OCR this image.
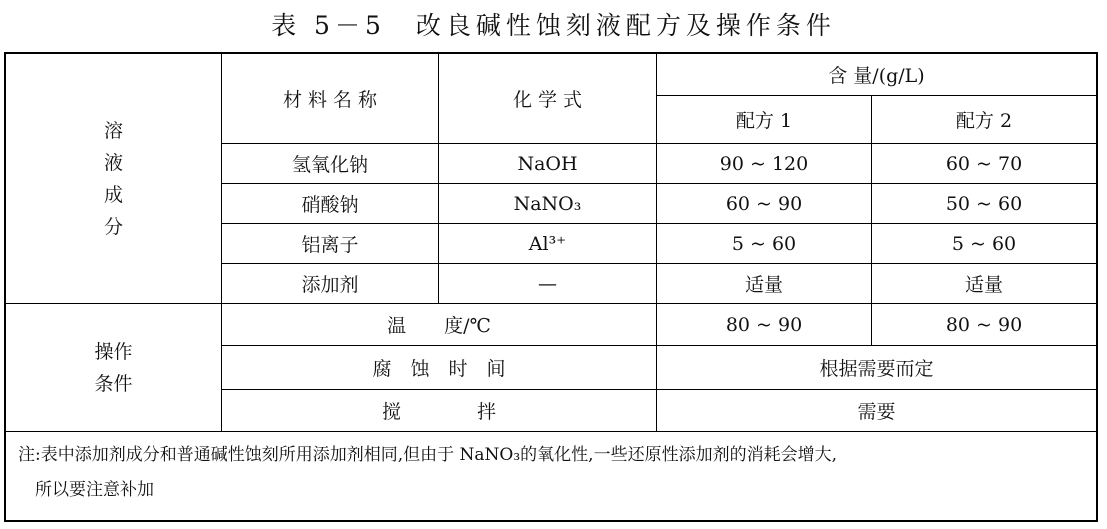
表 5－5　改良碱性蚀刻液配方及操作条件
溶
液
成
分
材 料 名 称	化 学 式
含 量/(g/L)
配方 1	配方 2
氢氧化钠	NaOH	90 ~ 120	60 ~ 70
硝酸钠	NaNO₃	60 ~ 90	50 ~ 60
铝离子	Al³⁺	5 ~ 60	5 ~ 60
添加剂	—	适量	适量
操作
条件
温　　度/℃	80 ~ 90	80 ~ 90
腐　蚀　时　间	根据需要而定
搅　　　　拌	需要
注:表中添加剂成分和普通碱性蚀刻所用添加剂相同,但由于 NaNO₃的氧化性,一些还原性添加剂的消耗会增大,
　所以要注意补加
